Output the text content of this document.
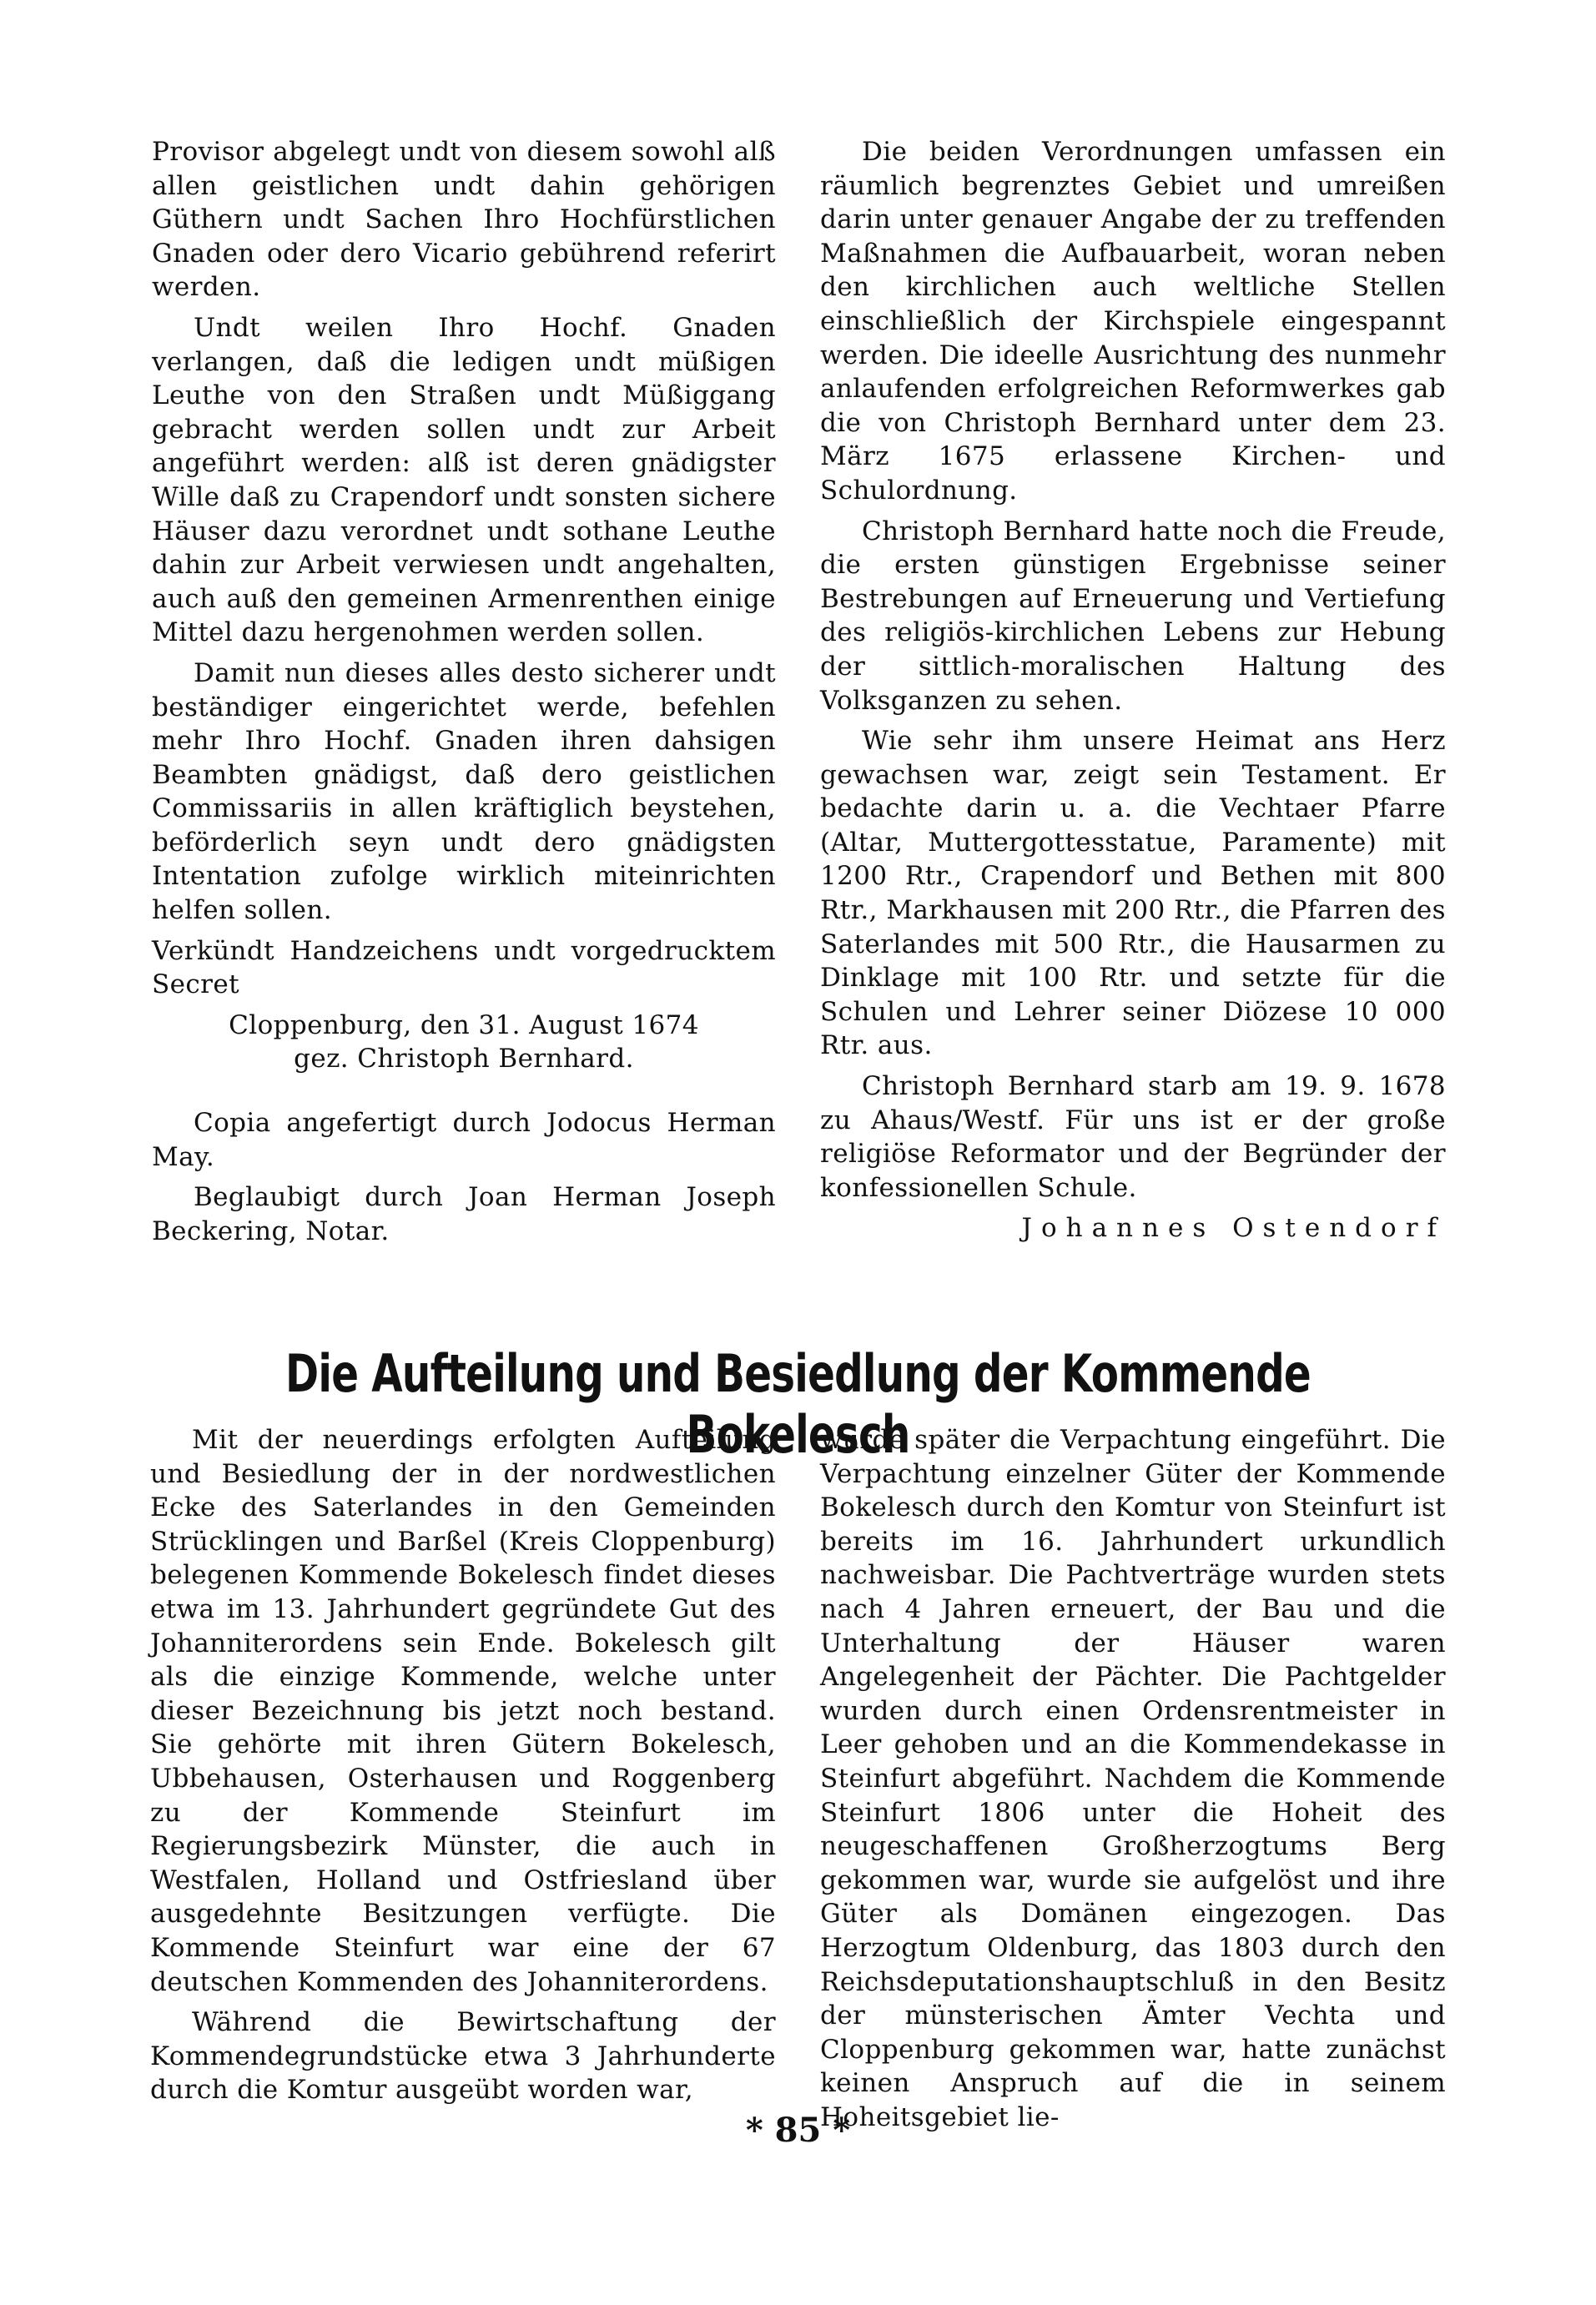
Provisor abgelegt undt von diesem sowohl alß allen geistlichen undt dahin gehörigen Güthern undt Sachen Ihro Hochfürstlichen Gnaden oder dero Vicario gebührend referirt werden.

Undt weilen Ihro Hochf. Gnaden verlangen, daß die ledigen undt müßigen Leuthe von den Straßen undt Müßiggang gebracht werden sollen undt zur Arbeit angeführt werden: alß ist deren gnädigster Wille daß zu Crapendorf undt sonsten sichere Häuser dazu verordnet undt sothane Leuthe dahin zur Arbeit verwiesen undt angehalten, auch auß den gemeinen Armenrenthen einige Mittel dazu hergenohmen werden sollen.

Damit nun dieses alles desto sicherer undt beständiger eingerichtet werde, befehlen mehr Ihro Hochf. Gnaden ihren dahsigen Beambten gnädigst, daß dero geistlichen Commissariis in allen kräftiglich beystehen, beförderlich seyn undt dero gnädigsten Intentation zufolge wirklich miteinrichten helfen sollen.

Verkündt Handzeichens undt vorgedrucktem Secret

Cloppenburg, den 31. August 1674

gez. Christoph Bernhard.

Copia angefertigt durch Jodocus Herman May.

Beglaubigt durch Joan Herman Joseph Beckering, Notar.

Die beiden Verordnungen umfassen ein räumlich begrenztes Gebiet und umreißen darin unter genauer Angabe der zu treffenden Maßnahmen die Aufbauarbeit, woran neben den kirchlichen auch weltliche Stellen einschließlich der Kirchspiele eingespannt werden. Die ideelle Ausrichtung des nunmehr anlaufenden erfolgreichen Reformwerkes gab die von Christoph Bernhard unter dem 23. März 1675 erlassene Kirchen- und Schulordnung.

Christoph Bernhard hatte noch die Freude, die ersten günstigen Ergebnisse seiner Bestrebungen auf Erneuerung und Vertiefung des religiös-kirchlichen Lebens zur Hebung der sittlich-moralischen Haltung des Volksganzen zu sehen.

Wie sehr ihm unsere Heimat ans Herz gewachsen war, zeigt sein Testament. Er bedachte darin u. a. die Vechtaer Pfarre (Altar, Muttergottesstatue, Paramente) mit 1200 Rtr., Crapendorf und Bethen mit 800 Rtr., Markhausen mit 200 Rtr., die Pfarren des Saterlandes mit 500 Rtr., die Hausarmen zu Dinklage mit 100 Rtr. und setzte für die Schulen und Lehrer seiner Diözese 10 000 Rtr. aus.

Christoph Bernhard starb am 19. 9. 1678 zu Ahaus/Westf. Für uns ist er der große religiöse Reformator und der Begründer der konfessionellen Schule.

Johannes Ostendorf

Die Aufteilung und Besiedlung der Kommende Bokelesch

Mit der neuerdings erfolgten Aufteilung und Besiedlung der in der nordwestlichen Ecke des Saterlandes in den Gemeinden Strücklingen und Barßel (Kreis Cloppenburg) belegenen Kommende Bokelesch findet dieses etwa im 13. Jahrhundert gegründete Gut des Johanniterordens sein Ende. Bokelesch gilt als die einzige Kommende, welche unter dieser Bezeichnung bis jetzt noch bestand. Sie gehörte mit ihren Gütern Bokelesch, Ubbehausen, Osterhausen und Roggenberg zu der Kommende Steinfurt im Regierungsbezirk Münster, die auch in Westfalen, Holland und Ostfriesland über ausgedehnte Besitzungen verfügte. Die Kommende Steinfurt war eine der 67 deutschen Kommenden des Johanniterordens.

Während die Bewirtschaftung der Kommendegrundstücke etwa 3 Jahrhunderte durch die Komtur ausgeübt worden war,

wurde später die Verpachtung eingeführt. Die Verpachtung einzelner Güter der Kommende Bokelesch durch den Komtur von Steinfurt ist bereits im 16. Jahrhundert urkundlich nachweisbar. Die Pachtverträge wurden stets nach 4 Jahren erneuert, der Bau und die Unterhaltung der Häuser waren Angelegenheit der Pächter. Die Pachtgelder wurden durch einen Ordensrentmeister in Leer gehoben und an die Kommendekasse in Steinfurt abgeführt. Nachdem die Kommende Steinfurt 1806 unter die Hoheit des neugeschaffenen Großherzogtums Berg gekommen war, wurde sie aufgelöst und ihre Güter als Domänen eingezogen. Das Herzogtum Oldenburg, das 1803 durch den Reichsdeputationshauptschluß in den Besitz der münsterischen Ämter Vechta und Cloppenburg gekommen war, hatte zunächst keinen Anspruch auf die in seinem Hoheitsgebiet lie-

* 85 *
